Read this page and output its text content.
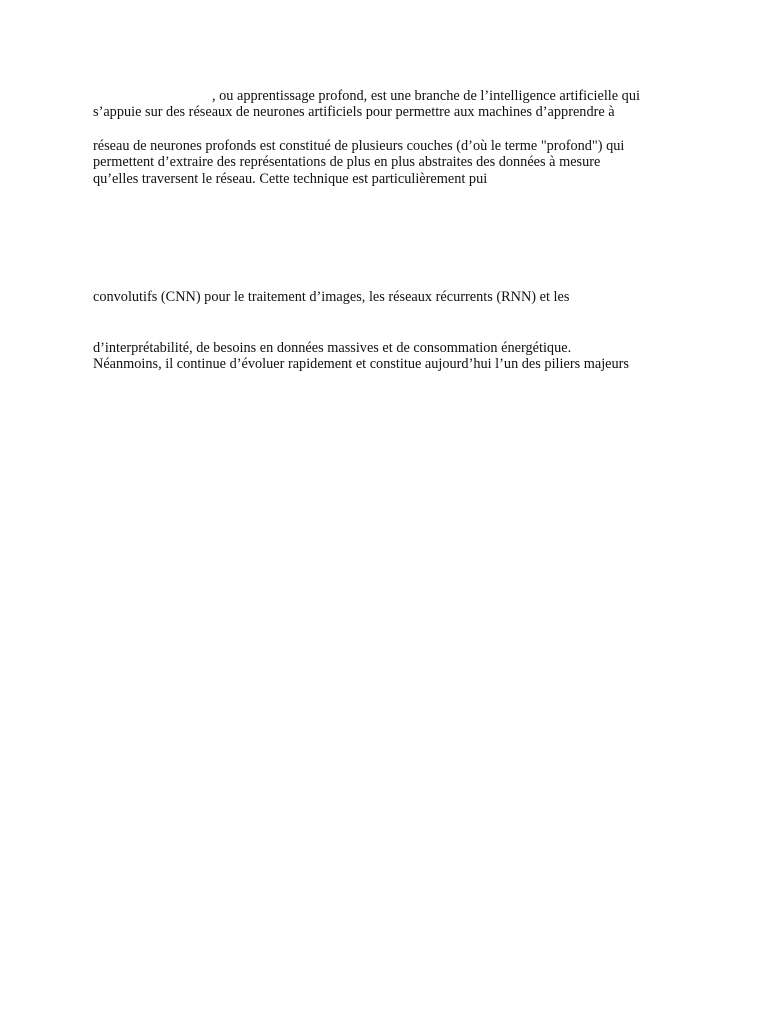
, ou apprentissage profond, est une branche de l’intelligence artificielle qui
s’appuie sur des réseaux de neurones artificiels pour permettre aux machines d’apprendre à
réseau de neurones profonds est constitué de plusieurs couches (d’où le terme "profond") qui
permettent d’extraire des représentations de plus en plus abstraites des données à mesure
qu’elles traversent le réseau. Cette technique est particulièrement pui
convolutifs (CNN) pour le traitement d’images, les réseaux récurrents (RNN) et les
d’interprétabilité, de besoins en données massives et de consommation énergétique.
Néanmoins, il continue d’évoluer rapidement et constitue aujourd’hui l’un des piliers majeurs
